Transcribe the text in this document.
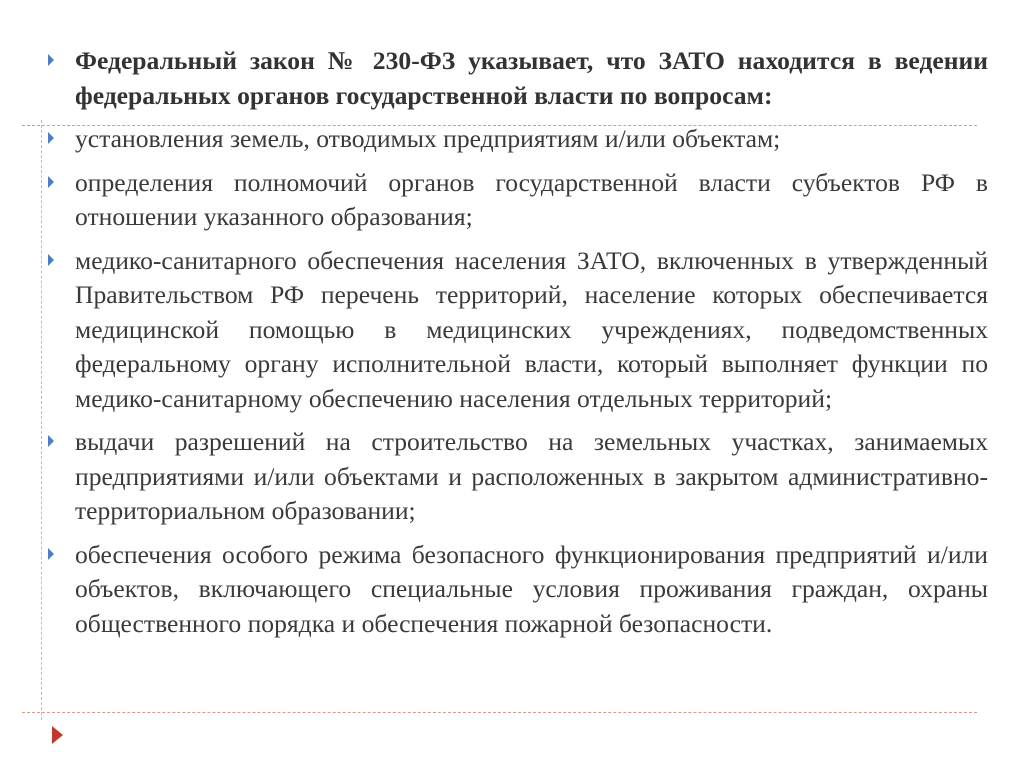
Федеральный закон № 230-ФЗ указывает, что ЗАТО находится в ведении федеральных органов государственной власти по вопросам:
установления земель, отводимых предприятиям и/или объектам;
определения полномочий органов государственной власти субъектов РФ в отношении указанного образования;
медико-санитарного обеспечения населения ЗАТО, включенных в утвержденный Правительством РФ перечень территорий, население которых обеспечивается медицинской помощью в медицинских учреждениях, подведомственных федеральному органу исполнительной власти, который выполняет функции по медико-санитарному обеспечению населения отдельных территорий;
выдачи разрешений на строительство на земельных участках, занимаемых предприятиями и/или объектами и расположенных в закрытом административно-территориальном образовании;
обеспечения особого режима безопасного функционирования предприятий и/или объектов, включающего специальные условия проживания граждан, охраны общественного порядка и обеспечения пожарной безопасности.
